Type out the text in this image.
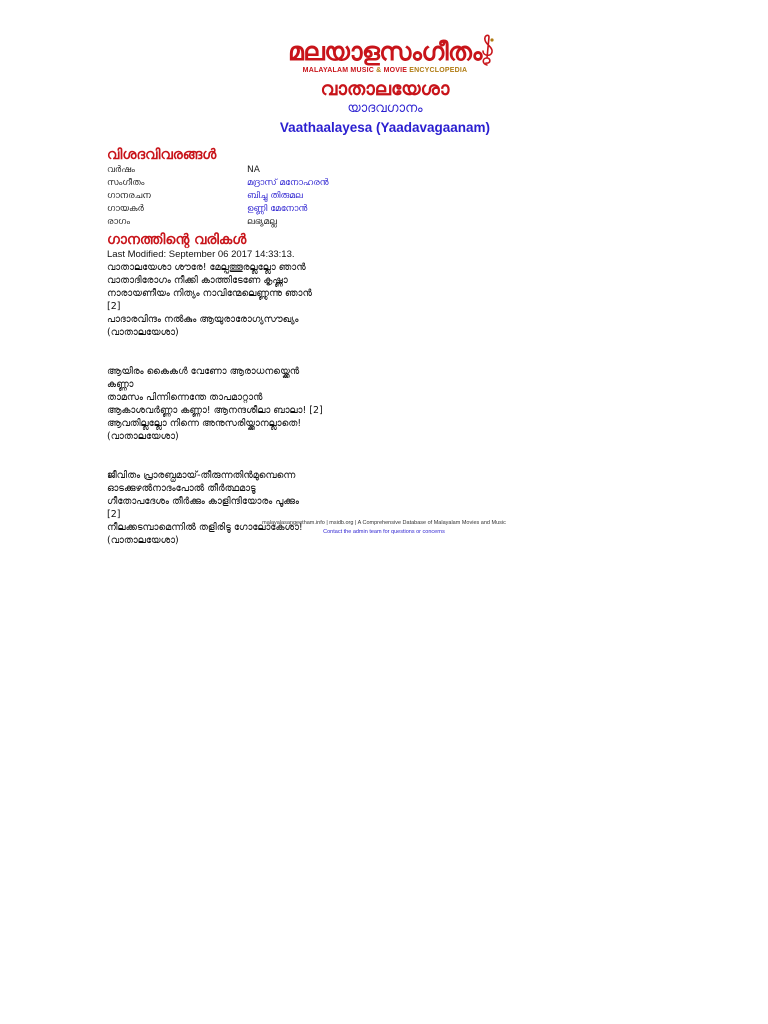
മലയാളസംഗീതം
MALAYALAM MUSIC & MOVIE ENCYCLOPEDIA
വാതാലയേശാ
യാദവഗാനം
Vaathaalayesa (Yaadavagaanam)
വിശദവിവരങ്ങൾ
വർഷം	NA
സംഗീതം	മദ്രാസ് മനോഹരൻ
ഗാനരചന	ബിച്ചു തിരുമല
ഗായകർ	ഉണ്ണി മേനോൻ
രാഗം	ലഭ്യമല്ല
ഗാനത്തിന്റെ വരികൾ
Last Modified: September 06 2017 14:33:13.
വാതാലയേശാ ശൗരേ! മേല്പത്തൂരല്ലല്ലോ ഞാൻ
വാതാദിരോഗം നീക്കി കാത്തിടേണേ കൃഷ്ണാ
നാരായണീയം നിത്യം നാവിന്മേലെണ്ണുന്നു ഞാൻ
[2]
പാദാരവിന്ദം നൽകും ആയുരാരോഗ്യസൗഖ്യം
(വാതാലയേശാ)
ആയിരം കൈകൾ വേണോ ആരാധനയ്ക്കെൻ
കണ്ണാ
താമസം പിന്നിന്നെന്തേ താപമാറ്റാൻ
ആകാശവർണ്ണാ കണ്ണാ! ആനന്ദശീലാ ബാലാ! [2]
ആവതില്ലല്ലോ നിന്നെ അനുസരിയ്ക്കാനല്ലാതെ!
(വാതാലയേശാ)
ജീവിതം പ്രാരബ്ധമായ്-തീരുന്നതിൻമുമ്പെന്നെ
ഓടക്കുഴൽനാദംപോൽ തീർത്ഥമാടൂ
ഗീതോപദേശം തീർക്കും കാളിന്ദിയോരം പൂക്കും
[2]
നീലക്കടമ്പാമെന്നിൽ തളിരിടൂ ഗോലോകേശാ!
(വാതാലയേശാ)
malayalasangeetham.info | msidb.org | A Comprehensive Database of Malayalam Movies and Music
Contact the admin team for questions or concerns
